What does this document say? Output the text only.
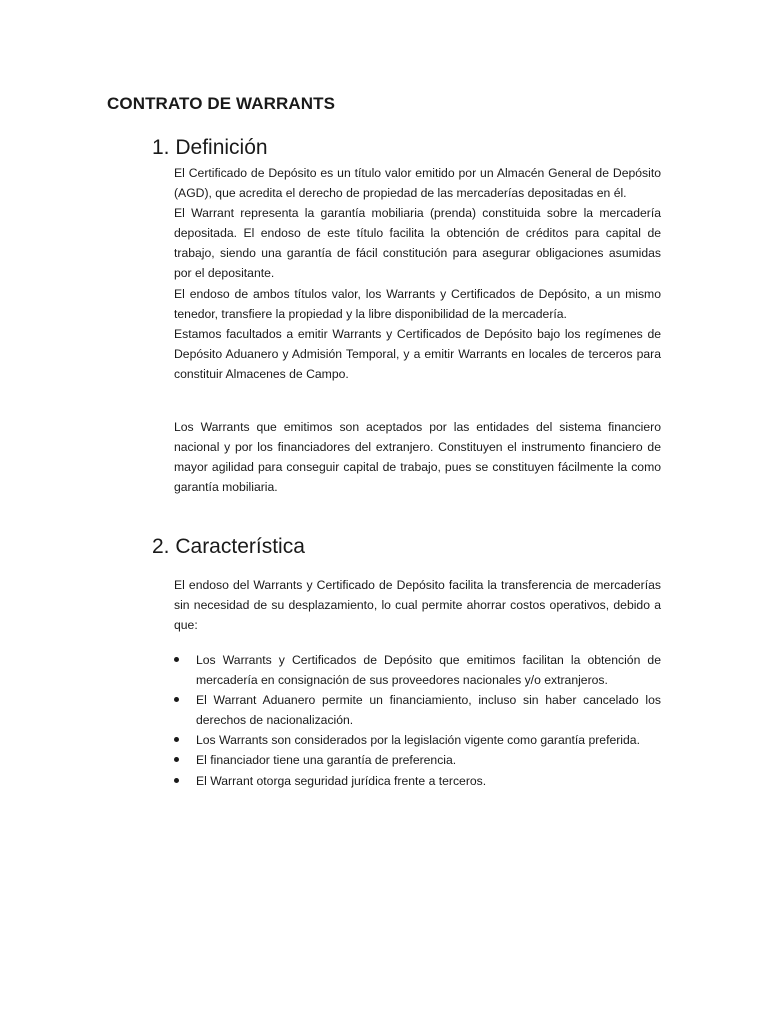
CONTRATO DE WARRANTS
1. Definición

El Certificado de Depósito es un título valor emitido por un Almacén General de Depósito (AGD), que acredita el derecho de propiedad de las mercaderías depositadas en él.

El Warrant representa la garantía mobiliaria (prenda) constituida sobre la mercadería depositada. El endoso de este título facilita la obtención de créditos para capital de trabajo, siendo una garantía de fácil constitución para asegurar obligaciones asumidas por el depositante.

El endoso de ambos títulos valor, los Warrants y Certificados de Depósito, a un mismo tenedor, transfiere la propiedad y la libre disponibilidad de la mercadería.

Estamos facultados a emitir Warrants y Certificados de Depósito bajo los regímenes de Depósito Aduanero y Admisión Temporal, y a emitir Warrants en locales de terceros para constituir Almacenes de Campo.

Los Warrants que emitimos son aceptados por las entidades del sistema financiero nacional y por los financiadores del extranjero. Constituyen el instrumento financiero de mayor agilidad para conseguir capital de trabajo, pues se constituyen fácilmente la como garantía mobiliaria.

2. Característica

El endoso del Warrants y Certificado de Depósito facilita la transferencia de mercaderías sin necesidad de su desplazamiento, lo cual permite ahorrar costos operativos, debido a que:

Los Warrants y Certificados de Depósito que emitimos facilitan la obtención de mercadería en consignación de sus proveedores nacionales y/o extranjeros.
El Warrant Aduanero permite un financiamiento, incluso sin haber cancelado los derechos de nacionalización.
Los Warrants son considerados por la legislación vigente como garantía preferida.
El financiador tiene una garantía de preferencia.
El Warrant otorga seguridad jurídica frente a terceros.
